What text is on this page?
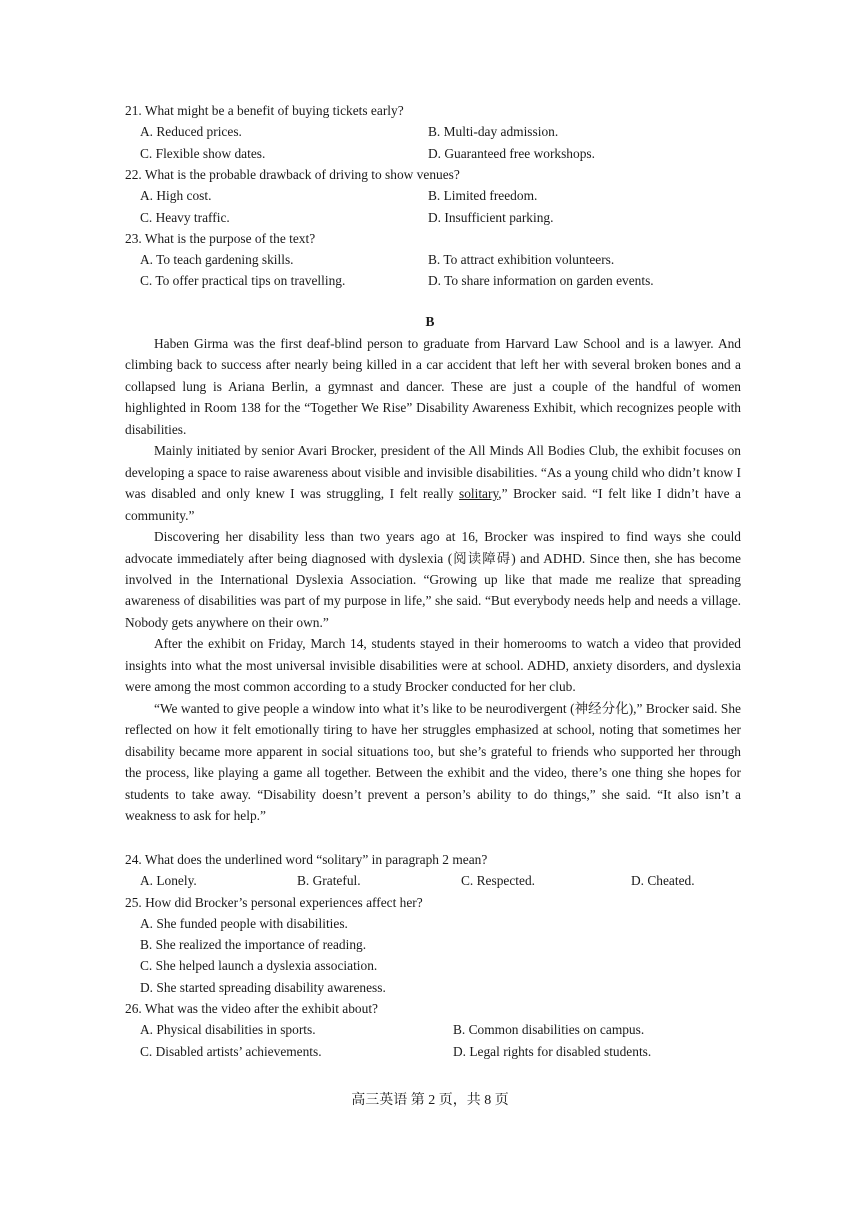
21. What might be a benefit of buying tickets early?
A. Reduced prices.	B. Multi-day admission.
C. Flexible show dates.	D. Guaranteed free workshops.
22. What is the probable drawback of driving to show venues?
A. High cost.	B. Limited freedom.
C. Heavy traffic.	D. Insufficient parking.
23. What is the purpose of the text?
A. To teach gardening skills.	B. To attract exhibition volunteers.
C. To offer practical tips on travelling.	D. To share information on garden events.
B

Haben Girma was the first deaf-blind person to graduate from Harvard Law School and is a lawyer. And climbing back to success after nearly being killed in a car accident that left her with several broken bones and a collapsed lung is Ariana Berlin, a gymnast and dancer. These are just a couple of the handful of women highlighted in Room 138 for the “Together We Rise” Disability Awareness Exhibit, which recognizes people with disabilities.

Mainly initiated by senior Avari Brocker, president of the All Minds All Bodies Club, the exhibit focuses on developing a space to raise awareness about visible and invisible disabilities. “As a young child who didn’t know I was disabled and only knew I was struggling, I felt really solitary,” Brocker said. “I felt like I didn’t have a community.”

Discovering her disability less than two years ago at 16, Brocker was inspired to find ways she could advocate immediately after being diagnosed with dyslexia (阅读障碍) and ADHD. Since then, she has become involved in the International Dyslexia Association. “Growing up like that made me realize that spreading awareness of disabilities was part of my purpose in life,” she said. “But everybody needs help and needs a village. Nobody gets anywhere on their own.”

After the exhibit on Friday, March 14, students stayed in their homerooms to watch a video that provided insights into what the most universal invisible disabilities were at school. ADHD, anxiety disorders, and dyslexia were among the most common according to a study Brocker conducted for her club.

“We wanted to give people a window into what it’s like to be neurodivergent (神经分化),” Brocker said. She reflected on how it felt emotionally tiring to have her struggles emphasized at school, noting that sometimes her disability became more apparent in social situations too, but she’s grateful to friends who supported her through the process, like playing a game all together. Between the exhibit and the video, there’s one thing she hopes for students to take away. “Disability doesn’t prevent a person’s ability to do things,” she said. “It also isn’t a weakness to ask for help.”

24. What does the underlined word “solitary” in paragraph 2 mean?
A. Lonely.	B. Grateful.	C. Respected.	D. Cheated.
25. How did Brocker’s personal experiences affect her?
A. She funded people with disabilities.
B. She realized the importance of reading.
C. She helped launch a dyslexia association.
D. She started spreading disability awareness.
26. What was the video after the exhibit about?
A. Physical disabilities in sports.	B. Common disabilities on campus.
C. Disabled artists’ achievements.	D. Legal rights for disabled students.
高三英语 第 2 页，共 8 页
